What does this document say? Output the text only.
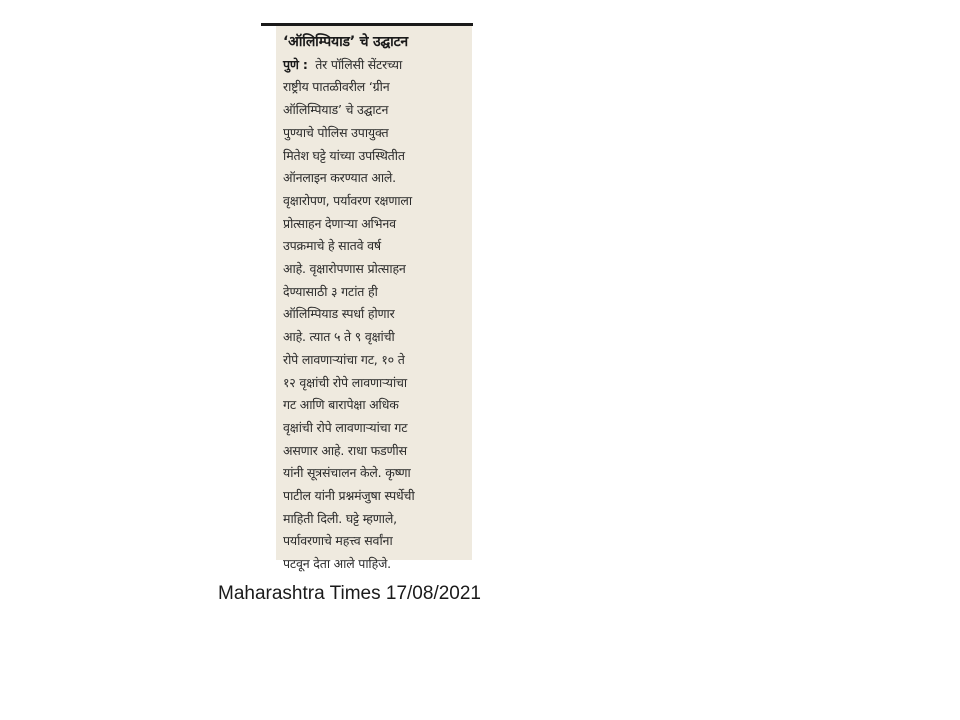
‘ऑलिम्पियाड’ चे उद्घाटन
पुणे : तेर पॉलिसी सेंटरच्या
राष्ट्रीय पातळीवरील ‘ग्रीन
ऑलिम्पियाड’ चे उद्घाटन
पुण्याचे पोलिस उपायुक्त
मितेश घट्टे यांच्या उपस्थितीत
ऑनलाइन करण्यात आले.
वृक्षारोपण, पर्यावरण रक्षणाला
प्रोत्साहन देणाऱ्या अभिनव
उपक्रमाचे हे सातवे वर्ष
आहे. वृक्षारोपणास प्रोत्साहन
देण्यासाठी ३ गटांत ही
ऑलिम्पियाड स्पर्धा होणार
आहे. त्यात ५ ते ९ वृक्षांची
रोपे लावणाऱ्यांचा गट, १० ते
१२ वृक्षांची रोपे लावणाऱ्यांचा
गट आणि बारापेक्षा अधिक
वृक्षांची रोपे लावणाऱ्यांचा गट
असणार आहे. राधा फडणीस
यांनी सूत्रसंचालन केले. कृष्णा
पाटील यांनी प्रश्नमंजुषा स्पर्धेची
माहिती दिली. घट्टे म्हणाले,
पर्यावरणाचे महत्त्व सर्वांना
पटवून देता आले पाहिजे.
Maharashtra Times 17/08/2021
